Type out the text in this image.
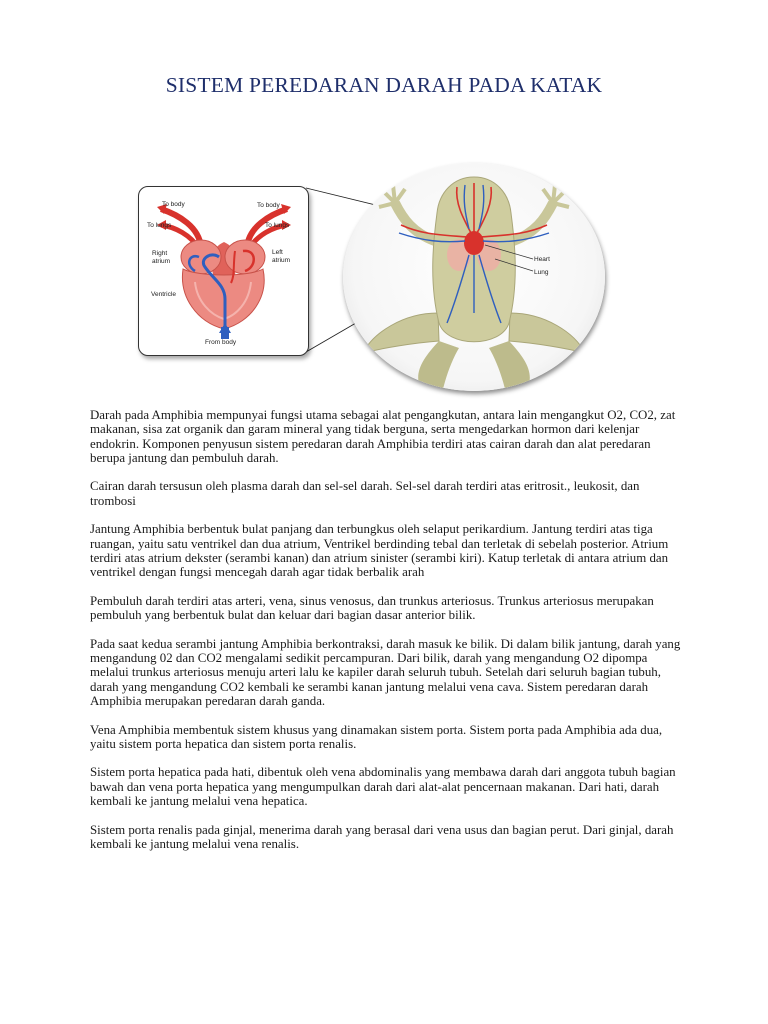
SISTEM PEREDARAN DARAH PADA KATAK
To body	To body
To lungs	To lungs
Right
atrium
Left
atrium
Ventricle
From body
Heart
Lung

Darah pada Amphibia mempunyai fungsi utama sebagai alat pengangkutan, antara lain mengangkut O2, CO2, zat makanan, sisa zat organik dan garam mineral yang tidak berguna, serta mengedarkan hormon dari kelenjar endokrin. Komponen penyusun sistem peredaran darah Amphibia terdiri atas cairan darah dan alat peredaran berupa jantung dan pembuluh darah.

Cairan darah tersusun oleh plasma darah dan sel-sel darah. Sel-sel darah terdiri atas eritrosit., leukosit, dan trombosi

Jantung Amphibia berbentuk bulat panjang dan terbungkus oleh selaput perikardium. Jantung terdiri atas tiga ruangan, yaitu satu ventrikel dan dua atrium, Ventrikel berdinding tebal dan terletak di sebelah posterior. Atrium terdiri atas atrium dekster (serambi kanan) dan atrium sinister (serambi kiri). Katup terletak di antara atrium dan ventrikel dengan fungsi mencegah darah agar tidak berbalik arah

Pembuluh darah terdiri atas arteri, vena, sinus venosus, dan trunkus arteriosus. Trunkus arteriosus merupakan pembuluh yang berbentuk bulat dan keluar dari bagian dasar anterior bilik.

Pada saat kedua serambi jantung Amphibia berkontraksi, darah masuk ke bilik. Di dalam bilik jantung, darah yang mengandung 02 dan CO2 mengalami sedikit percampuran. Dari bilik, darah yang mengandung O2 dipompa melalui trunkus arteriosus menuju arteri lalu ke kapiler darah seluruh tubuh. Setelah dari seluruh bagian tubuh, darah yang mengandung CO2 kembali ke serambi kanan jantung melalui vena cava. Sistem peredaran darah Amphibia merupakan peredaran darah ganda.

Vena Amphibia membentuk sistem khusus yang dinamakan sistem porta. Sistem porta pada Amphibia ada dua, yaitu sistem porta hepatica dan sistem porta renalis.

Sistem porta hepatica pada hati, dibentuk oleh vena abdominalis yang membawa darah dari anggota tubuh bagian bawah dan vena porta hepatica yang mengumpulkan darah dari alat-alat pencernaan makanan. Dari hati, darah kembali ke jantung melalui vena hepatica.

Sistem porta renalis pada ginjal, menerima darah yang berasal dari vena usus dan bagian perut. Dari ginjal, darah kembali ke jantung melalui vena renalis.
